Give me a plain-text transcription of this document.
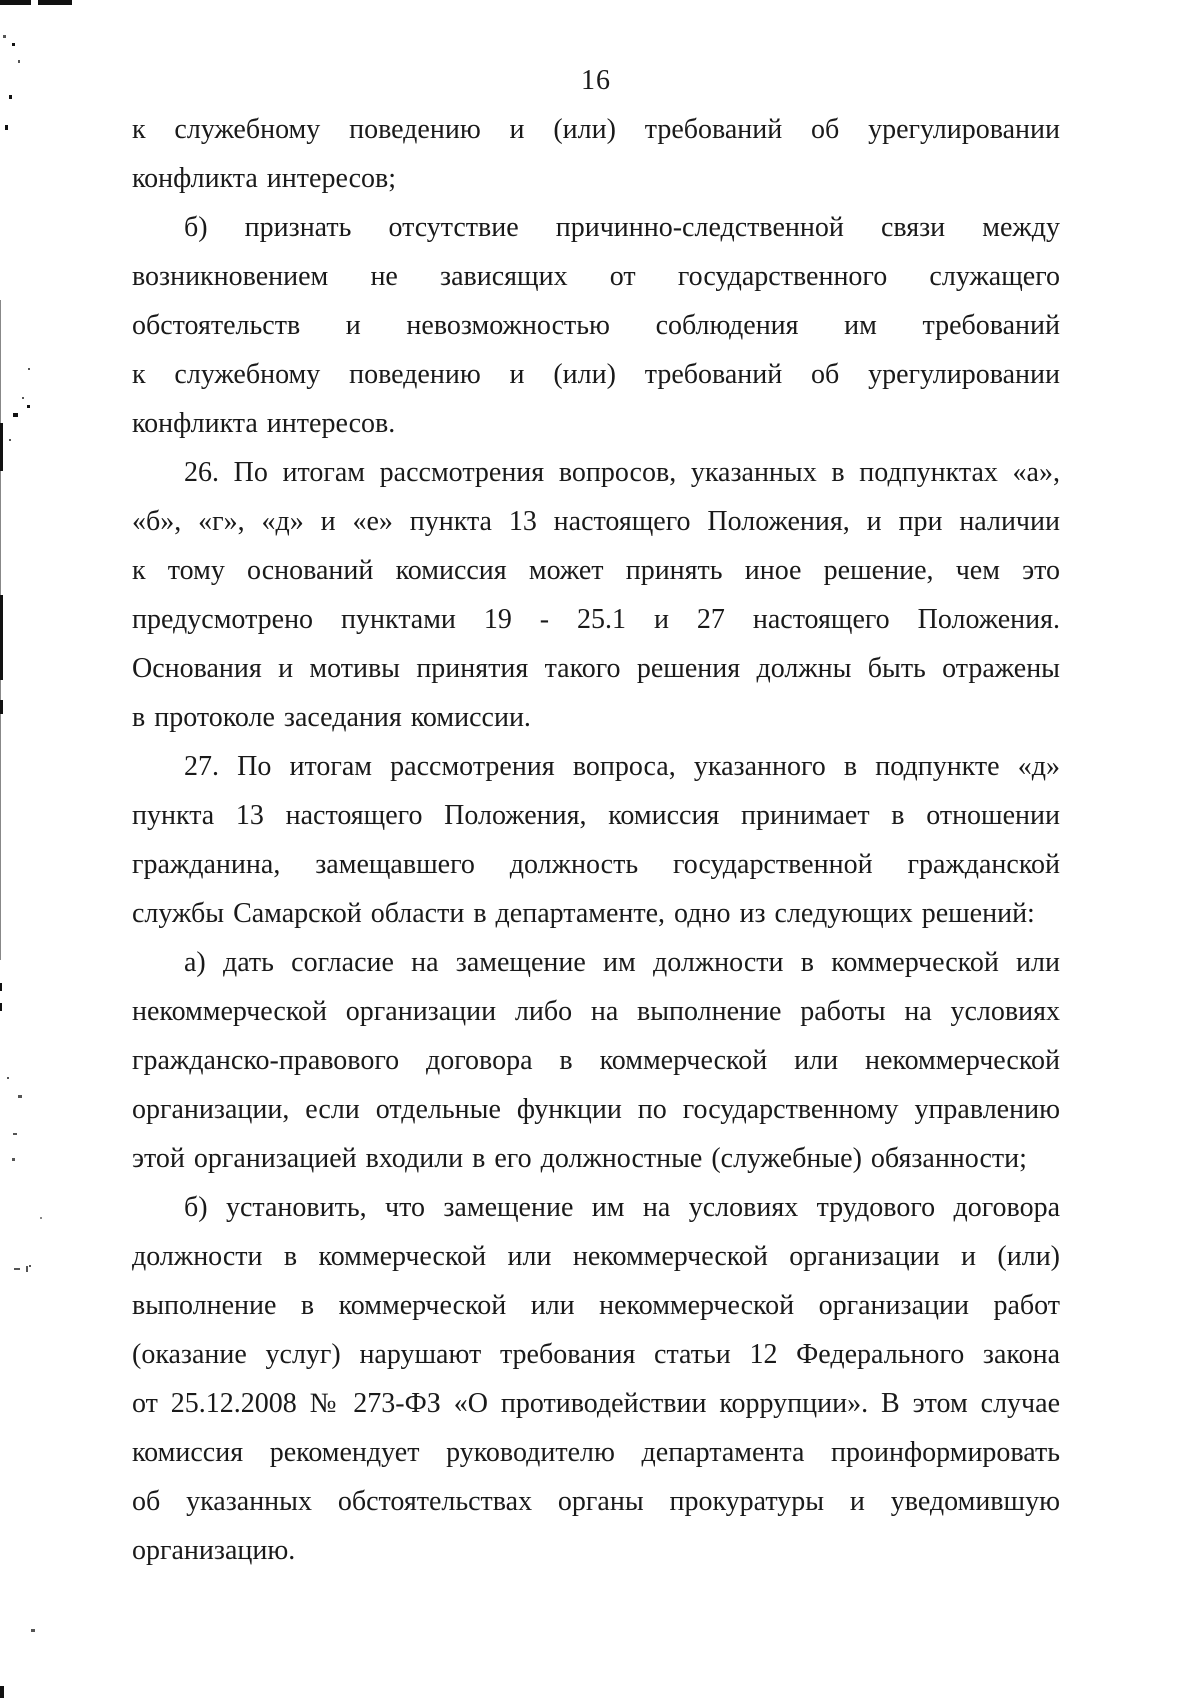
16
к служебному поведению и (или) требований об урегулировании
конфликта интересов;
б) признать отсутствие причинно-следственной связи между
возникновением не зависящих от государственного служащего
обстоятельств и невозможностью соблюдения им требований
к служебному поведению и (или) требований об урегулировании
конфликта интересов.
26. По итогам рассмотрения вопросов, указанных в подпунктах «а»,
«б», «г», «д» и «е» пункта 13 настоящего Положения, и при наличии
к тому оснований комиссия может принять иное решение, чем это
предусмотрено пунктами 19 - 25.1 и 27 настоящего Положения.
Основания и мотивы принятия такого решения должны быть отражены
в протоколе заседания комиссии.
27. По итогам рассмотрения вопроса, указанного в подпункте «д»
пункта 13 настоящего Положения, комиссия принимает в отношении
гражданина, замещавшего должность государственной гражданской
службы Самарской области в департаменте, одно из следующих решений:
а) дать согласие на замещение им должности в коммерческой или
некоммерческой организации либо на выполнение работы на условиях
гражданско-правового договора в коммерческой или некоммерческой
организации, если отдельные функции по государственному управлению
этой организацией входили в его должностные (служебные) обязанности;
б) установить, что замещение им на условиях трудового договора
должности в коммерческой или некоммерческой организации и (или)
выполнение в коммерческой или некоммерческой организации работ
(оказание услуг) нарушают требования статьи 12 Федерального закона
от 25.12.2008 № 273-ФЗ «О противодействии коррупции». В этом случае
комиссия рекомендует руководителю департамента проинформировать
об указанных обстоятельствах органы прокуратуры и уведомившую
организацию.
